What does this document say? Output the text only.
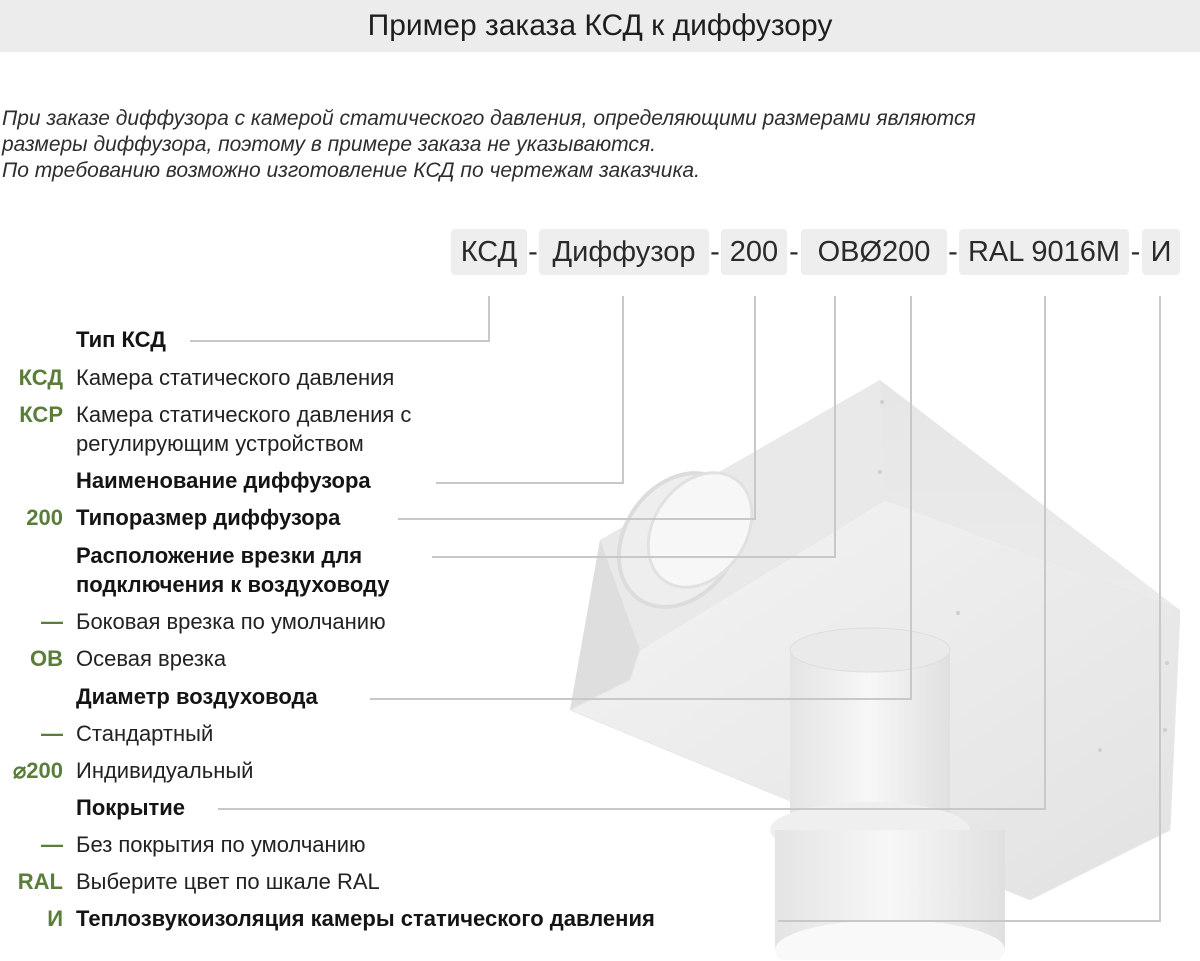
Пример заказа КСД к диффузору
При заказе диффузора с камерой статического давления, определяющими размерами являются
размеры диффузора, поэтому в примере заказа не указываются.
По требованию возможно изготовление КСД по чертежам заказчика.
КСД - Диффузор - 200 - ОВØ200 - RAL 9016M - И
Тип КСД
КСД Камера статического давления
КСР Камера статического давления с
регулирующим устройством
Наименование диффузора
200 Типоразмер диффузора
Расположение врезки для
подключения к воздуховоду
— Боковая врезка по умолчанию
ОВ Осевая врезка
Диаметр воздуховода
— Стандартный
⌀200 Индивидуальный
Покрытие
— Без покрытия по умолчанию
RAL Выберите цвет по шкале RAL
И Теплозвукоизоляция камеры статического давления
